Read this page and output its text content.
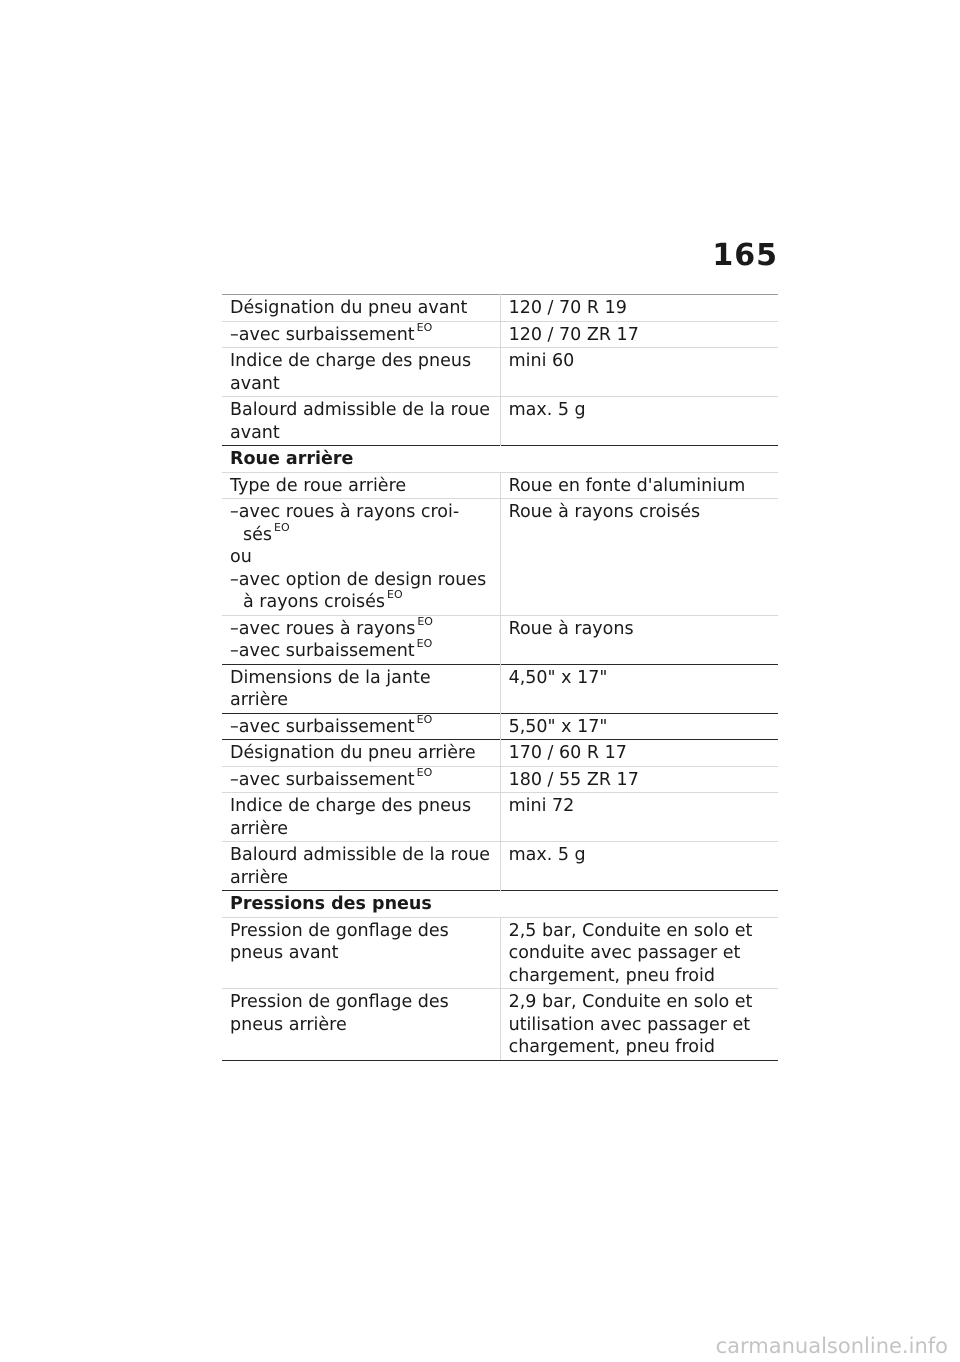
165
Désignation du pneu avant	120 / 70 R 19
–avec surbaissement $^{EO}$	120 / 70 ZR 17
Indice de charge des pneus avant	mini 60
Balourd admissible de la roue avant	max. 5 g
Roue arrière	
Type de roue arrière	Roue en fonte d'aluminium

–avec roues à rayons croi-sés $^{EO}$
ou
–avec option de design roues à rayons croisés $^{EO}$	Roue à rayons croisés

–avec roues à rayons $^{EO}$
–avec surbaissement $^{EO}$	Roue à rayons
Dimensions de la jante arrière	4,50" x 17"
–avec surbaissement $^{EO}$	5,50" x 17"
Désignation du pneu arrière	170 / 60 R 17
–avec surbaissement $^{EO}$	180 / 55 ZR 17
Indice de charge des pneus arrière	mini 72
Balourd admissible de la roue arrière	max. 5 g
Pressions des pneus	
Pression de gonflage des pneus avant	2,5 bar, Conduite en solo et conduite avec passager et chargement, pneu froid
Pression de gonflage des pneus arrière	2,9 bar, Conduite en solo et utilisation avec passager et chargement, pneu froid
carmanualsonline.info
